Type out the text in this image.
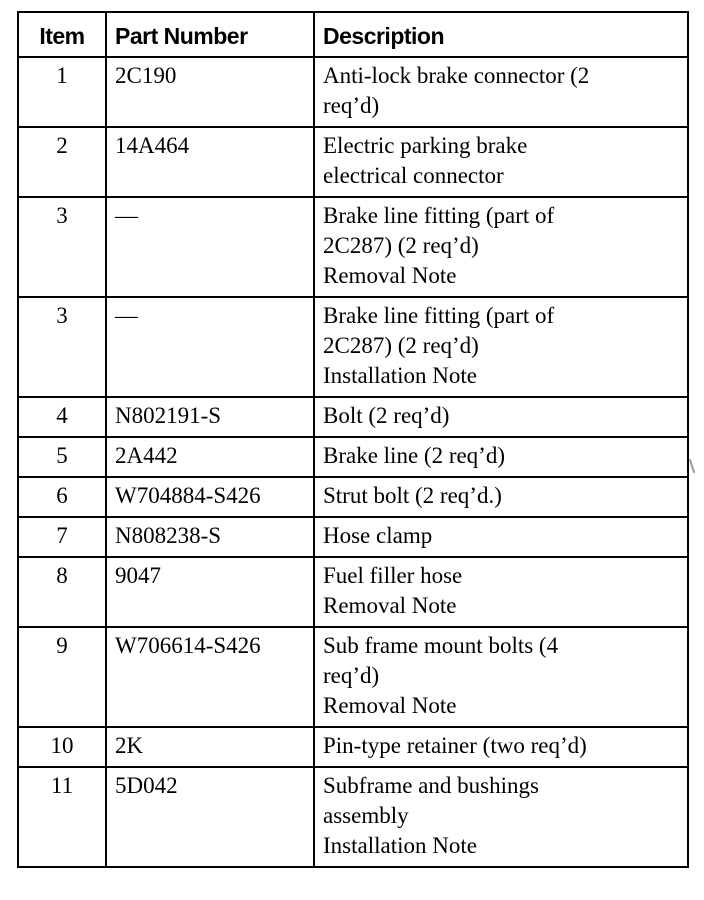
Item	Part Number	Description
1	2C190	Anti-lock brake connector (2
req’d)

2	14A464	Electric parking brake
electrical connector

3	—	Brake line fitting (part of
2C287) (2 req’d)
Removal Note

3	—	Brake line fitting (part of
2C287) (2 req’d)
Installation Note

4	N802191-S	Bolt (2 req’d)

5	2A442	Brake line (2 req’d)

6	W704884-S426	Strut bolt (2 req’d.)

7	N808238-S	Hose clamp

8	9047	Fuel filler hose
Removal Note

9	W706614-S426	Sub frame mount bolts (4
req’d)
Removal Note

10	2K	Pin-type retainer (two req’d)

11	5D042	Subframe and bushings
assembly
Installation Note
